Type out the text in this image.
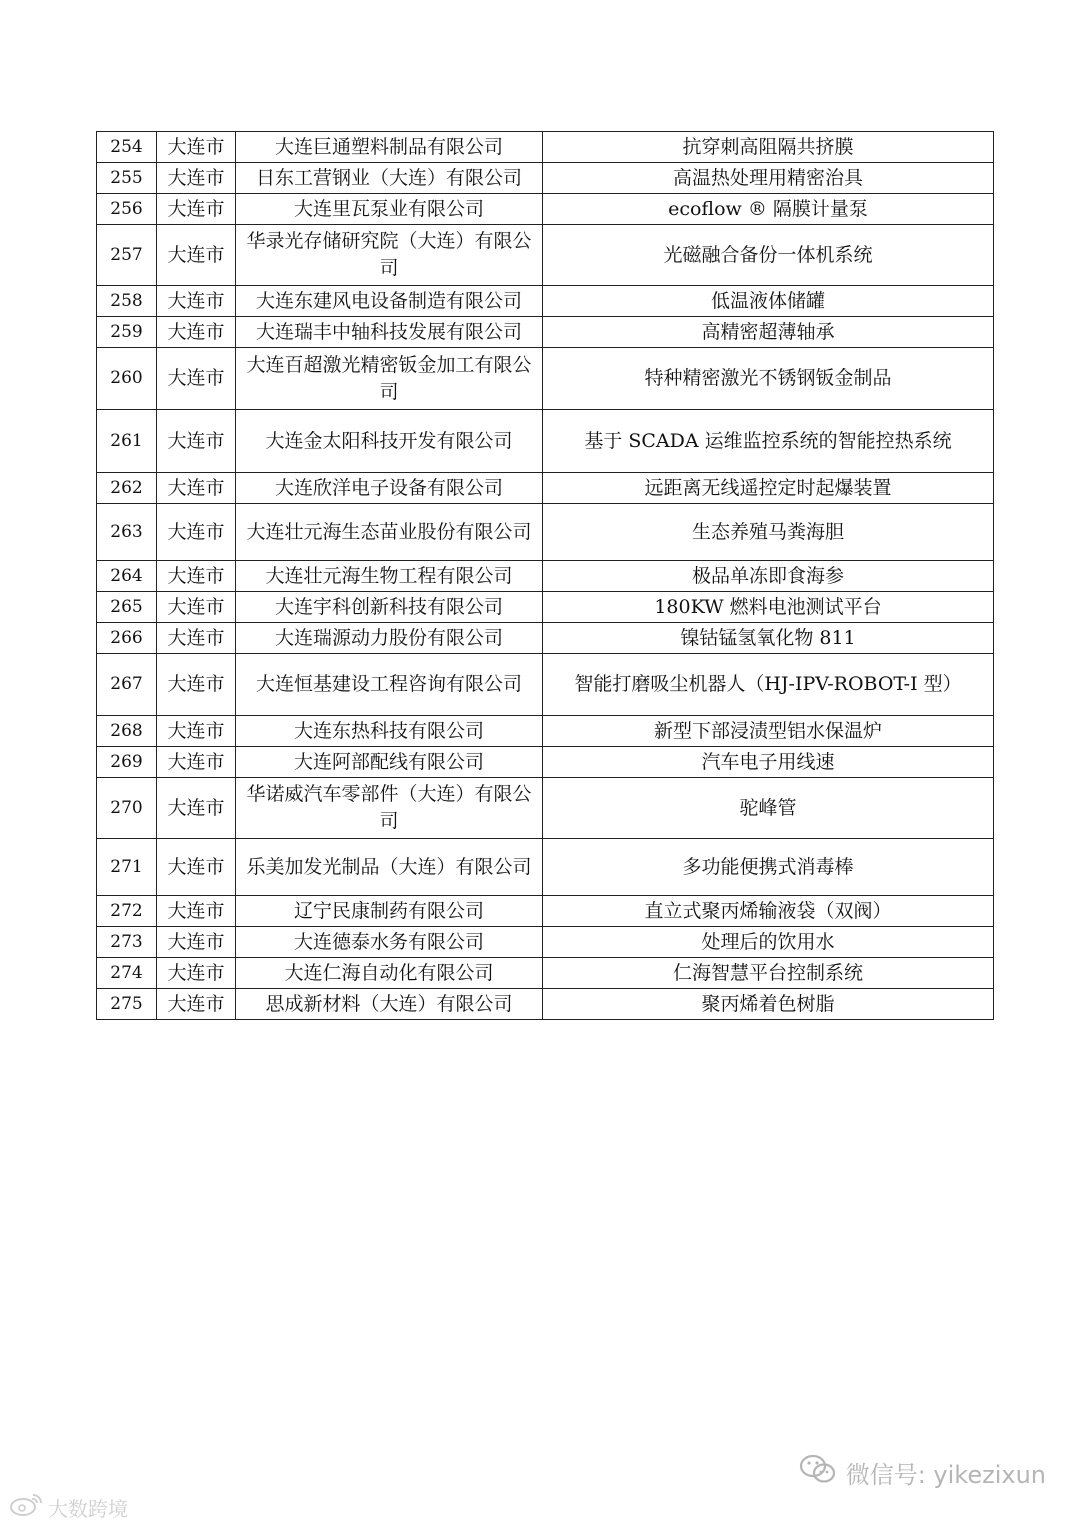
254	大连市	大连巨通塑料制品有限公司	抗穿刺高阻隔共挤膜
255	大连市	日东工营钢业（大连）有限公司	高温热处理用精密治具
256	大连市	大连里瓦泵业有限公司	ecoflow ® 隔膜计量泵
257	大连市	华录光存储研究院（大连）有限公司	光磁融合备份一体机系统
258	大连市	大连东建风电设备制造有限公司	低温液体储罐
259	大连市	大连瑞丰中轴科技发展有限公司	高精密超薄轴承
260	大连市	大连百超激光精密钣金加工有限公司	特种精密激光不锈钢钣金制品
261	大连市	大连金太阳科技开发有限公司	基于 SCADA 运维监控系统的智能控热系统
262	大连市	大连欣洋电子设备有限公司	远距离无线遥控定时起爆装置
263	大连市	大连壮元海生态苗业股份有限公司	生态养殖马粪海胆
264	大连市	大连壮元海生物工程有限公司	极品单冻即食海参
265	大连市	大连宇科创新科技有限公司	180KW 燃料电池测试平台
266	大连市	大连瑞源动力股份有限公司	镍钴锰氢氧化物 811
267	大连市	大连恒基建设工程咨询有限公司	智能打磨吸尘机器人（HJ-IPV-ROBOT-I 型）
268	大连市	大连东热科技有限公司	新型下部浸渍型铝水保温炉
269	大连市	大连阿部配线有限公司	汽车电子用线速
270	大连市	华诺威汽车零部件（大连）有限公司	驼峰管
271	大连市	乐美加发光制品（大连）有限公司	多功能便携式消毒棒
272	大连市	辽宁民康制药有限公司	直立式聚丙烯输液袋（双阀）
273	大连市	大连德泰水务有限公司	处理后的饮用水
274	大连市	大连仁海自动化有限公司	仁海智慧平台控制系统
275	大连市	思成新材料（大连）有限公司	聚丙烯着色树脂
微信号: yikezixun
大数跨境
